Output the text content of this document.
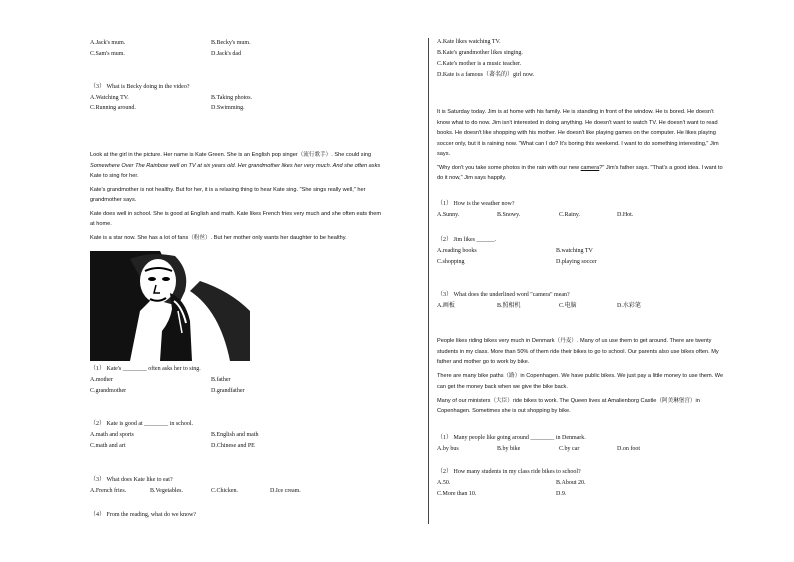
A.Jack's mum.	B.Becky's mum.
C.Sam's mum.	D.Jack's dad
（3） What is Becky doing in the video?
A.Watching TV.	B.Taking photos.
C.Running around.	D.Swimming.
Look at the girl in the picture. Her name is Kate Green. She is an English pop singer（流行歌手）. She could sing
Somewhere Over The Rainbow well on TV at six years old. Her grandmother likes her very much. And she often asks
Kate to sing for her.
Kate's grandmother is not healthy. But for her, it is a relaxing thing to hear Kate sing. "She sings really well," her
grandmother says.
Kate does well in school. She is good at English and math. Kate likes French fries very much and she often eats them
at home.
Kate is a star now. She has a lot of fans（粉丝）. But her mother only wants her daughter to be healthy.
（1） Kate's ________ often asks her to sing.
A.mother	B.father
C.grandmother	D.grandfather
（2） Kate is good at ________ in school.
A.math and sports	B.English and math
C.math and art	D.Chinese and PE
（3） What does Kate like to eat?
A.French fries.	B.Vegetables.	C.Chicken.	D.Ice cream.
（4） From the reading, what do we know?
A.Kate likes watching TV.
B.Kate's grandmother likes singing.
C.Kate's mother is a music teacher.
D.Kate is a famous（著名的）girl now.
It is Saturday today. Jim is at home with his family. He is standing in front of the window. He is bored. He doesn't
know what to do now. Jim isn't interested in doing anything. He doesn't want to watch TV. He doesn't want to read
books. He doesn't like shopping with his mother. He doesn't like playing games on the computer. He likes playing
soccer only, but it is raining now. "What can I do? It's boring this weekend. I want to do something interesting," Jim
says.
"Why don't you take some photos in the rain with our new camera?" Jim's father says. "That's a good idea. I want to
do it now," Jim says happily.
（1） How is the weather now?
A.Sunny.	B.Snowy.	C.Rainy.	D.Hot.
（2） Jim likes ______.
A.reading books	B.watching TV
C.shopping	D.playing soccer
（3） What does the underlined word "camera" mean?
A.画板	B.照相机	C.电脑	D.水彩笔
People likes riding bikes very much in Denmark（丹麦）. Many of us use them to get around. There are twenty
students in my class. More than 50% of them ride their bikes to go to school. Our parents also use bikes often. My
father and mother go to work by bike.
There are many bike paths（路）in Copenhagen. We have public bikes. We just pay a little money to use them. We
can get the money back when we give the bike back.
Many of our ministers（大臣）ride bikes to work. The Queen lives at Amalienborg Castle（阿美琳堡宫）in
Copenhagen. Sometimes she is out shopping by bike.
（1） Many people like going around ________ in Denmark.
A.by bus	B.by bike	C.by car	D.on foot
（2） How many students in my class ride bikes to school?
A.50.	B.About 20.
C.More than 10.	D.9.
